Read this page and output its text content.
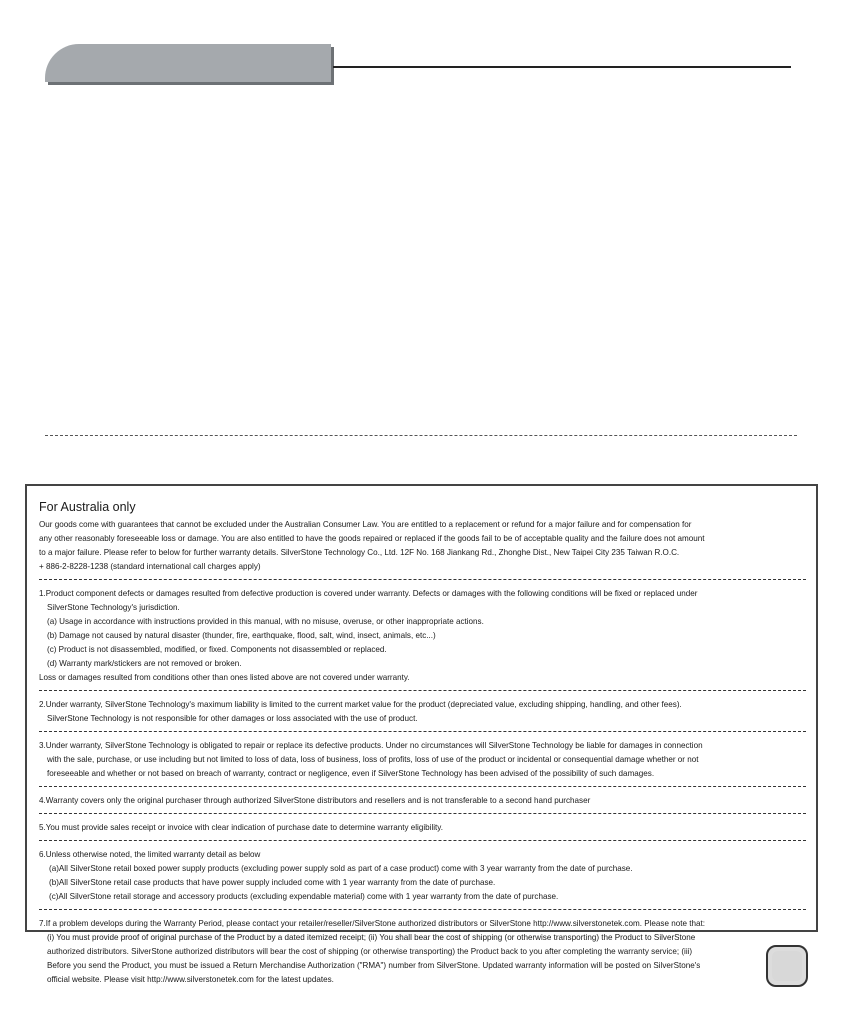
For Australia only
Our goods come with guarantees that cannot be excluded under the Australian Consumer Law. You are entitled to a replacement or refund for a major failure and for compensation for
any other reasonably foreseeable loss or damage. You are also entitled to have the goods repaired or replaced if the goods fail to be of acceptable quality and the failure does not amount
to a major failure. Please refer to below for further warranty details. SilverStone Technology Co., Ltd. 12F No. 168 Jiankang Rd., Zhonghe Dist., New Taipei City 235 Taiwan R.O.C.
+ 886-2-8228-1238 (standard international call charges apply)
1.Product component defects or damages resulted from defective production is covered under warranty. Defects or damages with the following conditions will be fixed or replaced under
SilverStone Technology's jurisdiction.
(a) Usage in accordance with instructions provided in this manual, with no misuse, overuse, or other inappropriate actions.
(b) Damage not caused by natural disaster (thunder, fire, earthquake, flood, salt, wind, insect, animals, etc...)
(c) Product is not disassembled, modified, or fixed. Components not disassembled or replaced.
(d) Warranty mark/stickers are not removed or broken.
Loss or damages resulted from conditions other than ones listed above are not covered under warranty.
2.Under warranty, SilverStone Technology's maximum liability is limited to the current market value for the product (depreciated value, excluding shipping, handling, and other fees).
SilverStone Technology is not responsible for other damages or loss associated with the use of product.
3.Under warranty, SilverStone Technology is obligated to repair or replace its defective products. Under no circumstances will SilverStone Technology be liable for damages in connection
with the sale, purchase, or use including but not limited to loss of data, loss of business, loss of profits, loss of use of the product or incidental or consequential damage whether or not
foreseeable and whether or not based on breach of warranty, contract or negligence, even if SilverStone Technology has been advised of the possibility of such damages.
4.Warranty covers only the original purchaser through authorized SilverStone distributors and resellers and is not transferable to a second hand purchaser
5.You must provide sales receipt or invoice with clear indication of purchase date to determine warranty eligibility.
6.Unless otherwise noted, the limited warranty detail as below
(a)All SilverStone retail boxed power supply products (excluding power supply sold as part of a case product) come with 3 year warranty from the date of purchase.
(b)All SilverStone retail case products that have power supply included come with 1 year warranty from the date of purchase.
(c)All SilverStone retail storage and accessory products (excluding expendable material) come with 1 year warranty from the date of purchase.
7.If a problem develops during the Warranty Period, please contact your retailer/reseller/SilverStone authorized distributors or SilverStone http://www.silverstonetek.com. Please note that:
(i) You must provide proof of original purchase of the Product by a dated itemized receipt; (ii) You shall bear the cost of shipping (or otherwise transporting) the Product to SilverStone
authorized distributors. SilverStone authorized distributors will bear the cost of shipping (or otherwise transporting) the Product back to you after completing the warranty service; (iii)
Before you send the Product, you must be issued a Return Merchandise Authorization ("RMA") number from SilverStone. Updated warranty information will be posted on SilverStone's
official website. Please visit http://www.silverstonetek.com for the latest updates.
